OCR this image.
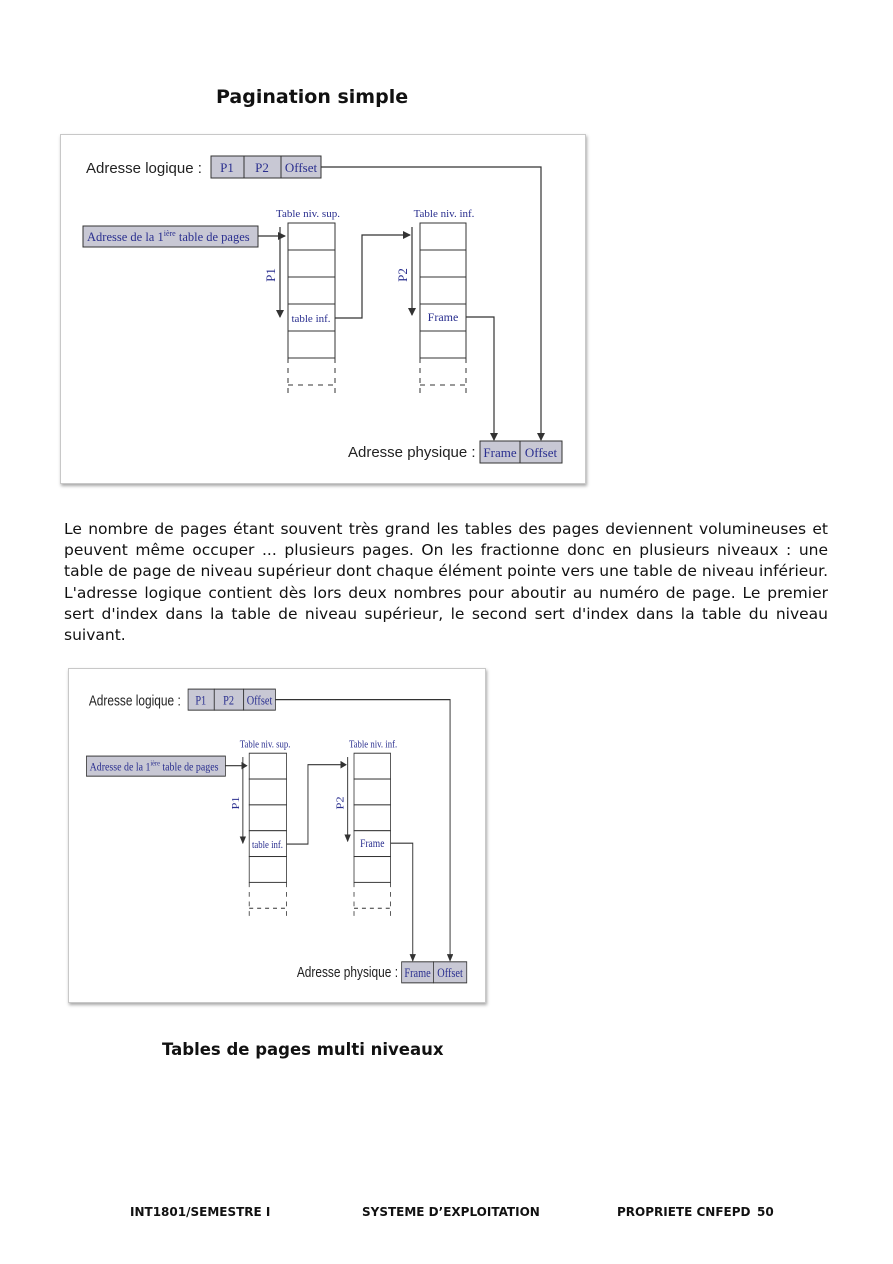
Pagination simple
Adresse logique : P1 P2 Offset
Adresse de la $1^{ière}$ table de pages
Table niv. sup.
table inf.
P1
Table niv. inf.
Frame
P2
Adresse physique : Frame Offset

Le nombre de pages étant souvent très grand les tables des pages deviennent volumineuses et peuvent même occuper ... plusieurs pages. On les fractionne donc en plusieurs niveaux : une table de page de niveau supérieur dont chaque élément pointe vers une table de niveau inférieur. L'adresse logique contient dès lors deux nombres pour aboutir au numéro de page. Le premier sert d'index dans la table de niveau supérieur, le second sert d'index dans la table du niveau suivant.

Adresse logique : P1 P2 Offset
Adresse de la $1^{ière}$ table de pages
Table niv. sup.
table inf.
P1
Table niv. inf.
Frame
P2
Adresse physique : Frame Offset
Tables de pages multi niveaux
INT1801/SEMESTRE I	SYSTEME D’EXPLOITATION	PROPRIETE CNFEPD 50
